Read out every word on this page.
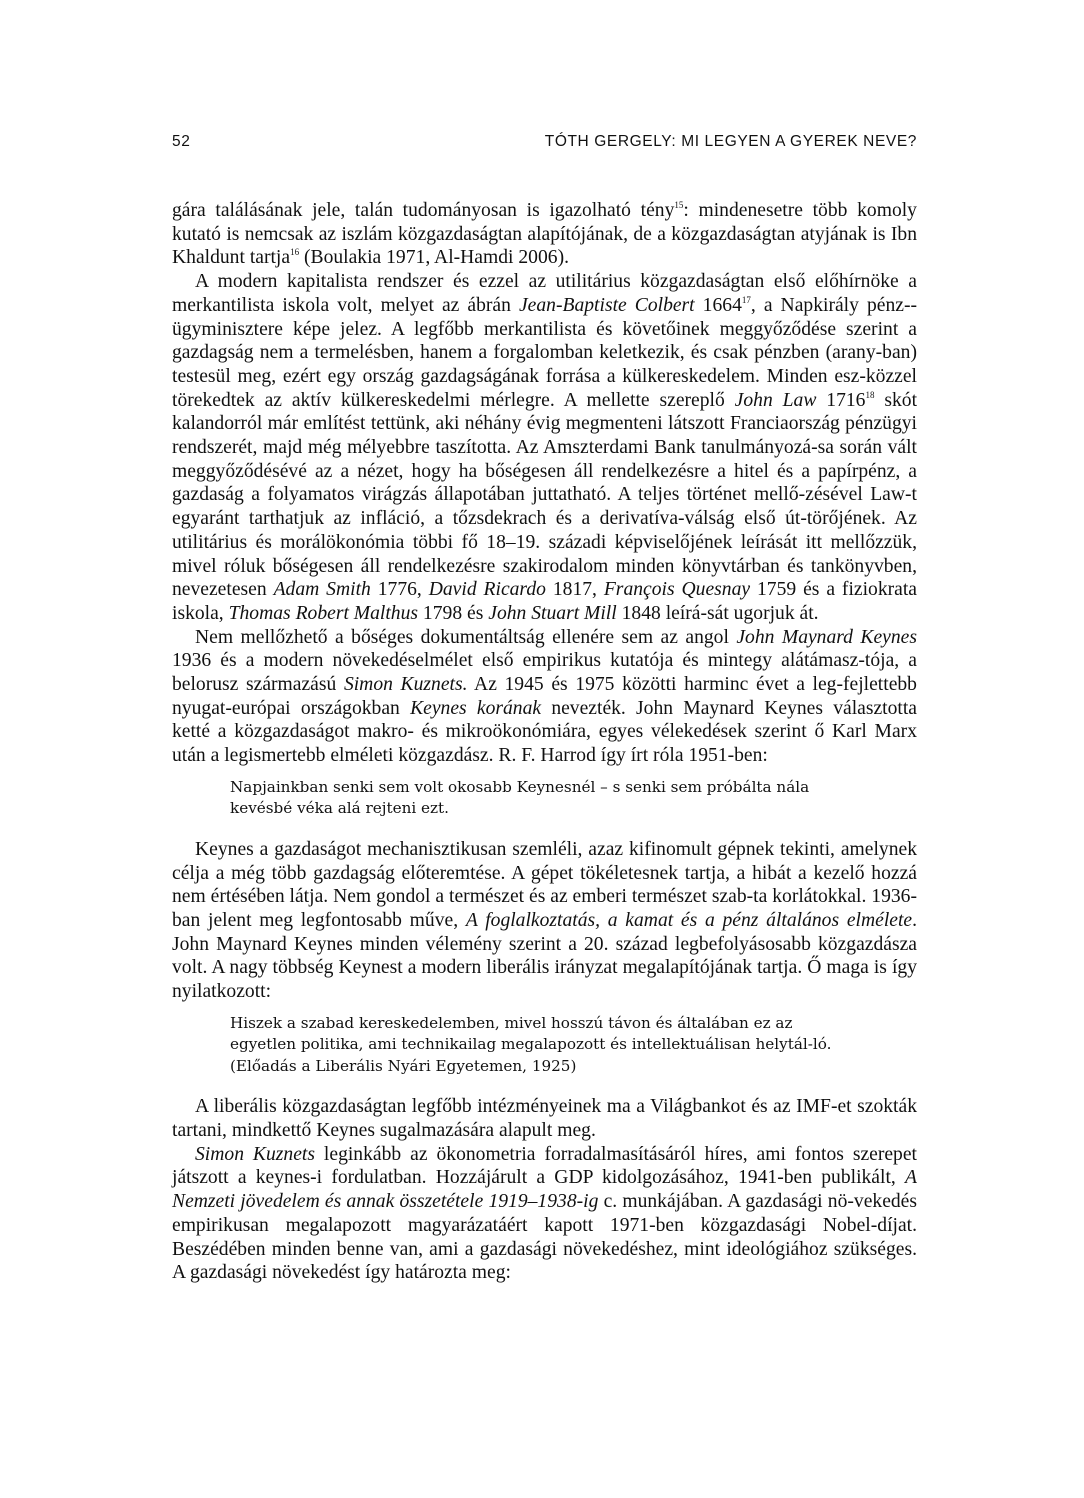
52	TÓTH GERGELY: MI LEGYEN A GYEREK NEVE?

gára találásának jele, talán tudományosan is igazolható tény$^{15}$: mindenesetre több komoly kutató is nemcsak az iszlám közgazdaságtan alapítójának, de a közgazdaságtan atyjának is Ibn Khaldunt tartja$^{16}$ (Boulakia 1971, Al-Hamdi 2006).

A modern kapitalista rendszer és ezzel az utilitárius közgazdaságtan első előhírnöke a merkantilista iskola volt, melyet az ábrán Jean-Baptiste Colbert 1664$^{17}$, a Napkirály pénz-ügyminisztere képe jelez. A legfőbb merkantilista és követőinek meggyőződése szerint a gazdagság nem a termelésben, hanem a forgalomban keletkezik, és csak pénzben (arany-ban) testesül meg, ezért egy ország gazdagságának forrása a külkereskedelem. Minden esz-közzel törekedtek az aktív külkereskedelmi mérlegre. A mellette szereplő John Law 1716$^{18}$ skót kalandorról már említést tettünk, aki néhány évig megmenteni látszott Franciaország pénzügyi rendszerét, majd még mélyebbre taszította. Az Amszterdami Bank tanulmányozá-sa során vált meggyőződésévé az a nézet, hogy ha bőségesen áll rendelkezésre a hitel és a papírpénz, a gazdaság a folyamatos virágzás állapotában juttatható. A teljes történet mellő-zésével Law-t egyaránt tarthatjuk az infláció, a tőzsdekrach és a derivatíva-válság első út-törőjének. Az utilitárius és morálökonómia többi fő 18–19. századi képviselőjének leírását itt mellőzzük, mivel róluk bőségesen áll rendelkezésre szakirodalom minden könyvtárban és tankönyvben, nevezetesen Adam Smith 1776, David Ricardo 1817, François Quesnay 1759 és a fiziokrata iskola, Thomas Robert Malthus 1798 és John Stuart Mill 1848 leírá-sát ugorjuk át.

Nem mellőzhető a bőséges dokumentáltság ellenére sem az angol John Maynard Keynes 1936 és a modern növekedéselmélet első empirikus kutatója és mintegy alátámasz-tója, a belorusz származású Simon Kuznets. Az 1945 és 1975 közötti harminc évet a leg-fejlettebb nyugat-európai országokban Keynes korának nevezték. John Maynard Keynes választotta ketté a közgazdaságot makro- és mikroökonómiára, egyes vélekedések szerint ő Karl Marx után a legismertebb elméleti közgazdász. R. F. Harrod így írt róla 1951-ben:

Napjainkban senki sem volt okosabb Keynesnél – s senki sem próbálta nála kevésbé véka alá rejteni ezt.

Keynes a gazdaságot mechanisztikusan szemléli, azaz kifinomult gépnek tekinti, amelynek célja a még több gazdagság előteremtése. A gépet tökéletesnek tartja, a hibát a kezelő hozzá nem értésében látja. Nem gondol a természet és az emberi természet szab-ta korlátokkal. 1936-ban jelent meg legfontosabb műve, A foglalkoztatás, a kamat és a pénz általános elmélete. John Maynard Keynes minden vélemény szerint a 20. század legbefolyásosabb közgazdásza volt. A nagy többség Keynest a modern liberális irányzat megalapítójának tartja. Ő maga is így nyilatkozott:

Hiszek a szabad kereskedelemben, mivel hosszú távon és általában ez az egyetlen politika, ami technikailag megalapozott és intellektuálisan helytál-ló. (Előadás a Liberális Nyári Egyetemen, 1925)

A liberális közgazdaságtan legfőbb intézményeinek ma a Világbankot és az IMF-et szokták tartani, mindkettő Keynes sugalmazására alapult meg.

Simon Kuznets leginkább az ökonometria forradalmasításáról híres, ami fontos szerepet játszott a keynes-i fordulatban. Hozzájárult a GDP kidolgozásához, 1941-ben publikált, A Nemzeti jövedelem és annak összetétele 1919–1938-ig c. munkájában. A gazdasági nö-vekedés empirikusan megalapozott magyarázatáért kapott 1971-ben közgazdasági Nobel-díjat. Beszédében minden benne van, ami a gazdasági növekedéshez, mint ideológiához szükséges. A gazdasági növekedést így határozta meg:
